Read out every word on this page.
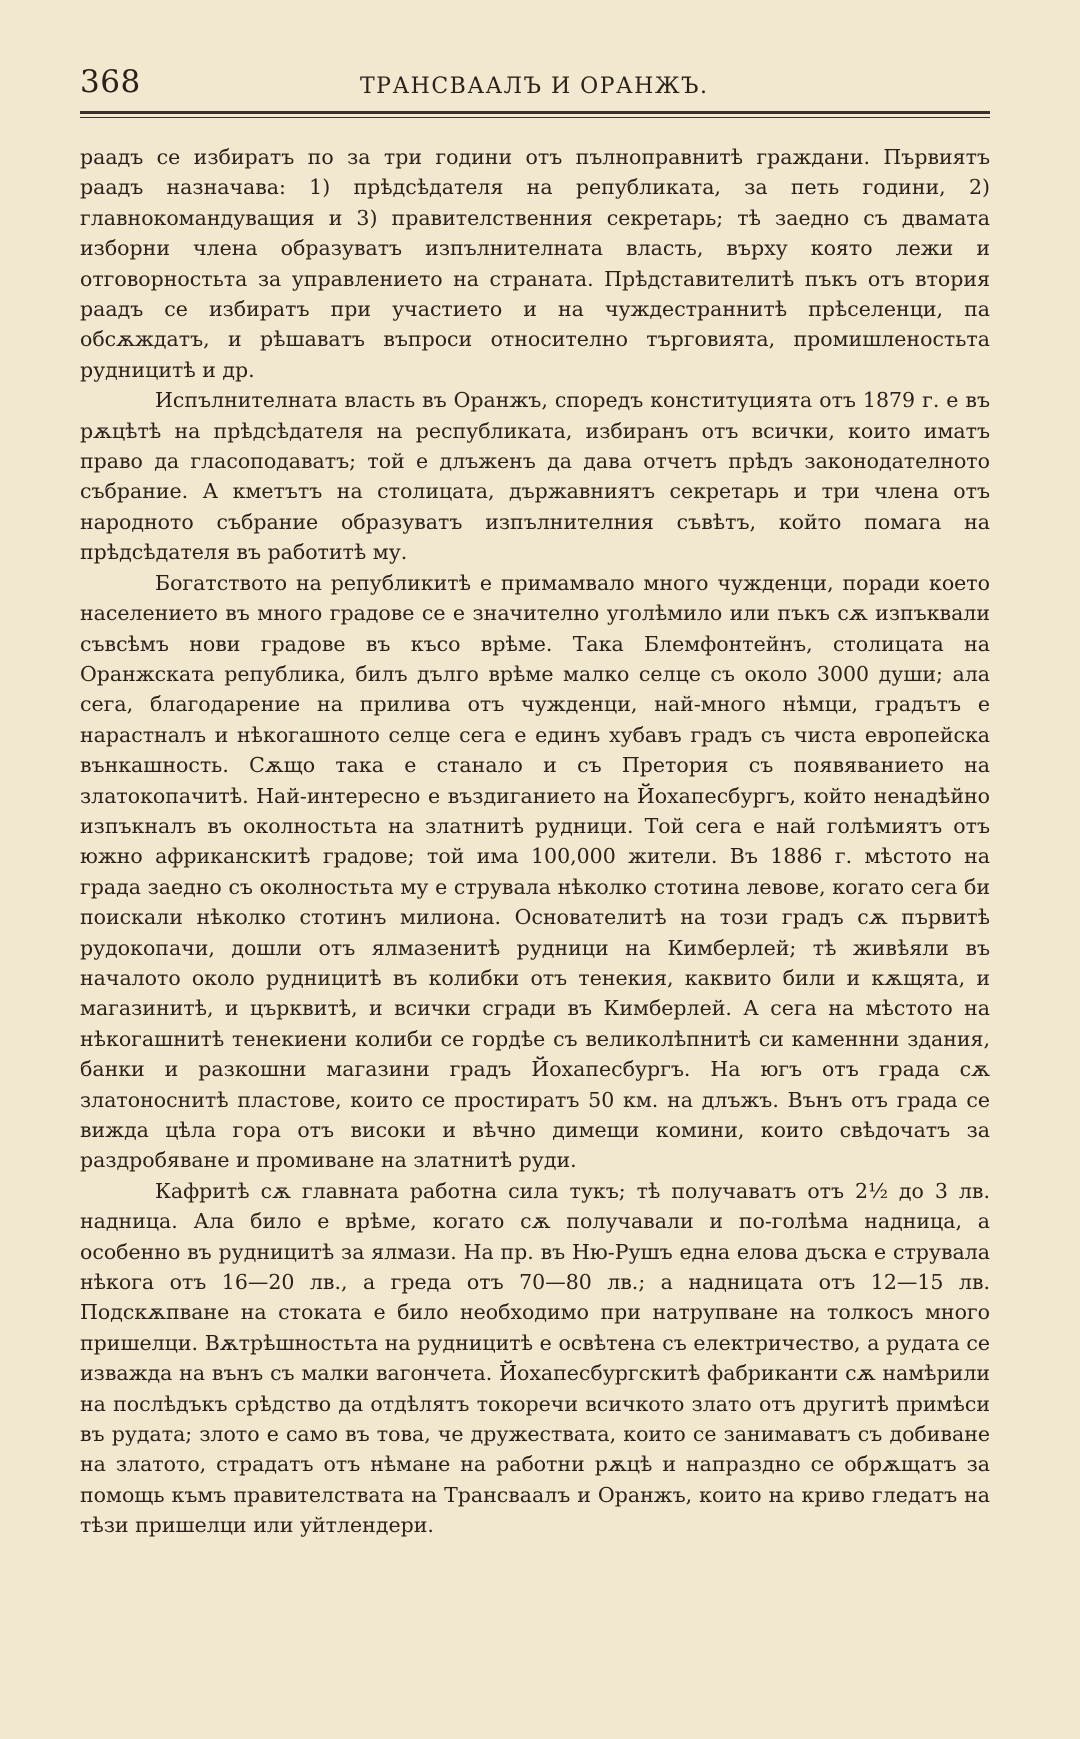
368	ТРАНСВААЛЪ И ОРАНЖЪ.

раадъ се избиратъ по за три години отъ пълноправнитѣ граждани. Първиятъ раадъ назначава: 1) прѣдсѣдателя на републиката, за петь години, 2) главнокомандуващия и 3) правителственния секретарь; тѣ заедно съ двамата изборни члена образуватъ изпълнителната власть, върху която лежи и отговорностьта за управлението на страната. Прѣдставителитѣ пъкъ отъ втория раадъ се избиратъ при участието и на чуждестраннитѣ прѣселенци, па обсѫждатъ, и рѣшаватъ въпроси относително търговията, промишленостьта рудницитѣ и др.

Испълнителната власть въ Оранжъ, споредъ конституцията отъ 1879 г. е въ рѫцѣтѣ на прѣдсѣдателя на республиката, избиранъ отъ всички, които иматъ право да гласоподаватъ; той е длъженъ да дава отчетъ прѣдъ законодателното събрание. А кметътъ на столицата, държавниятъ секретарь и три члена отъ народното събрание образуватъ изпълнителния съвѣтъ, който помага на прѣдсѣдателя въ работитѣ му.

Богатството на републикитѣ е примамвало много чужденци, поради което населението въ много градове се е значително уголѣмило или пъкъ сѫ изпъквали съвсѣмъ нови градове въ късо врѣме. Така Блемфонтейнъ, столицата на Оранжската република, билъ дълго врѣме малко селце съ около 3000 души; ала сега, благодарение на прилива отъ чужденци, най-много нѣмци, градътъ е нарастналъ и нѣкогашното селце сега е единъ хубавъ градъ съ чиста европейска вънкашность. Сѫщо така е станало и съ Претория съ появяванието на златокопачитѣ. Най-интересно е въздиганието на Йохапесбургъ, който ненадѣйно изпъкналъ въ околностьта на златнитѣ рудници. Той сега е най голѣмиятъ отъ южно африканскитѣ градове; той има 100,000 жители. Въ 1886 г. мѣстото на града заедно съ околностьта му е струвала нѣколко стотина левове, когато сега би поискали нѣколко стотинъ милиона. Основателитѣ на този градъ сѫ първитѣ рудокопачи, дошли отъ ялмазенитѣ рудници на Кимберлей; тѣ живѣяли въ началото около рудницитѣ въ колибки отъ тенекия, каквито били и кѫщята, и магазинитѣ, и църквитѣ, и всички сгради въ Кимберлей. А сега на мѣстото на нѣкогашнитѣ тенекиени колиби се гордѣе съ великолѣпнитѣ си каменнни здания, банки и разкошни магазини градъ Йохапесбургъ. На югъ отъ града сѫ златоноснитѣ пластове, които се простиратъ 50 км. на длъжъ. Вънъ отъ града се вижда цѣла гора отъ високи и вѣчно димещи комини, които свѣдочатъ за раздробяване и промиване на златнитѣ руди.

Кафритѣ сѫ главната работна сила тукъ; тѣ получаватъ отъ 2½ до 3 лв. надница. Ала било е врѣме, когато сѫ получавали и по-голѣма надница, а особенно въ рудницитѣ за ялмази. На пр. въ Ню-Рушъ една елова дъска е струвала нѣкога отъ 16—20 лв., а греда отъ 70—80 лв.; а надницата отъ 12—15 лв. Подскѫпване на стоката е било необходимо при натрупване на толкосъ много пришелци. Вѫтрѣшностьта на рудницитѣ е освѣтена съ електричество, а рудата се изважда на вънъ съ малки вагончета. Йохапесбургскитѣ фабриканти сѫ намѣрили на послѣдъкъ срѣдство да отдѣлятъ токоречи всичкото злато отъ другитѣ примѣси въ рудата; злото е само въ това, че дружествата, които се занимаватъ съ добиване на златото, страдатъ отъ нѣмане на работни рѫцѣ и напраздно се обрѫщатъ за помощь къмъ правителствата на Трансваалъ и Оранжъ, които на криво гледатъ на тѣзи пришелци или уйтлендери.
